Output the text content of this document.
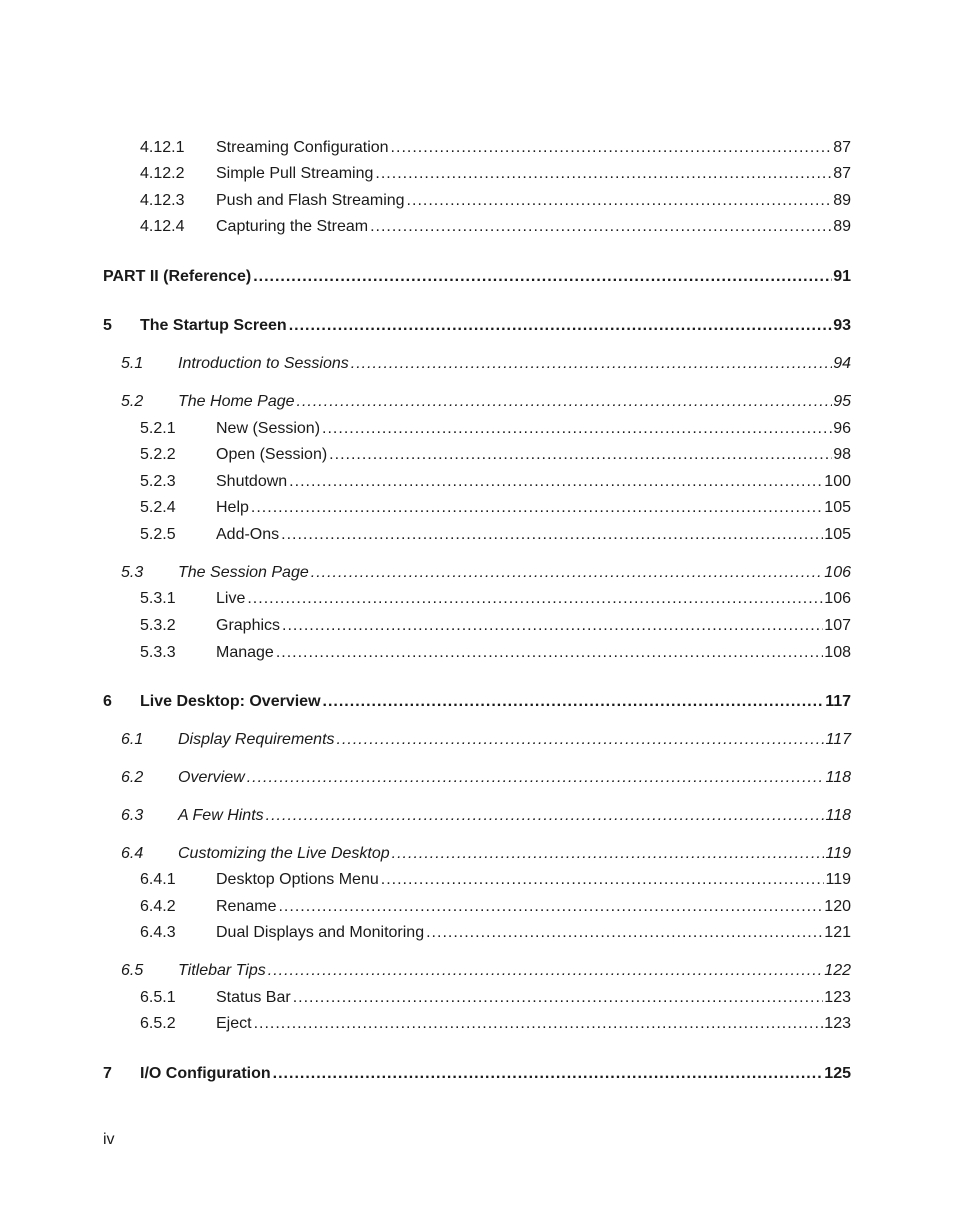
4.12.1	Streaming Configuration .....	87
4.12.2	Simple Pull Streaming .....	87
4.12.3	Push and Flash Streaming .....	89
4.12.4	Capturing the Stream .....	89
PART II (Reference) .....	91
5	The Startup Screen .....	93
5.1	Introduction to Sessions .....	94
5.2	The Home Page .....	95
5.2.1	New (Session) .....	96
5.2.2	Open (Session) .....	98
5.2.3	Shutdown .....	100
5.2.4	Help .....	105
5.2.5	Add-Ons .....	105
5.3	The Session Page .....	106
5.3.1	Live .....	106
5.3.2	Graphics .....	107
5.3.3	Manage .....	108
6	Live Desktop: Overview .....	117
6.1	Display Requirements .....	117
6.2	Overview .....	118
6.3	A Few Hints .....	118
6.4	Customizing the Live Desktop .....	119
6.4.1	Desktop Options Menu .....	119
6.4.2	Rename .....	120
6.4.3	Dual Displays and Monitoring .....	121
6.5	Titlebar Tips .....	122
6.5.1	Status Bar .....	123
6.5.2	Eject .....	123
7	I/O Configuration .....	125
iv
